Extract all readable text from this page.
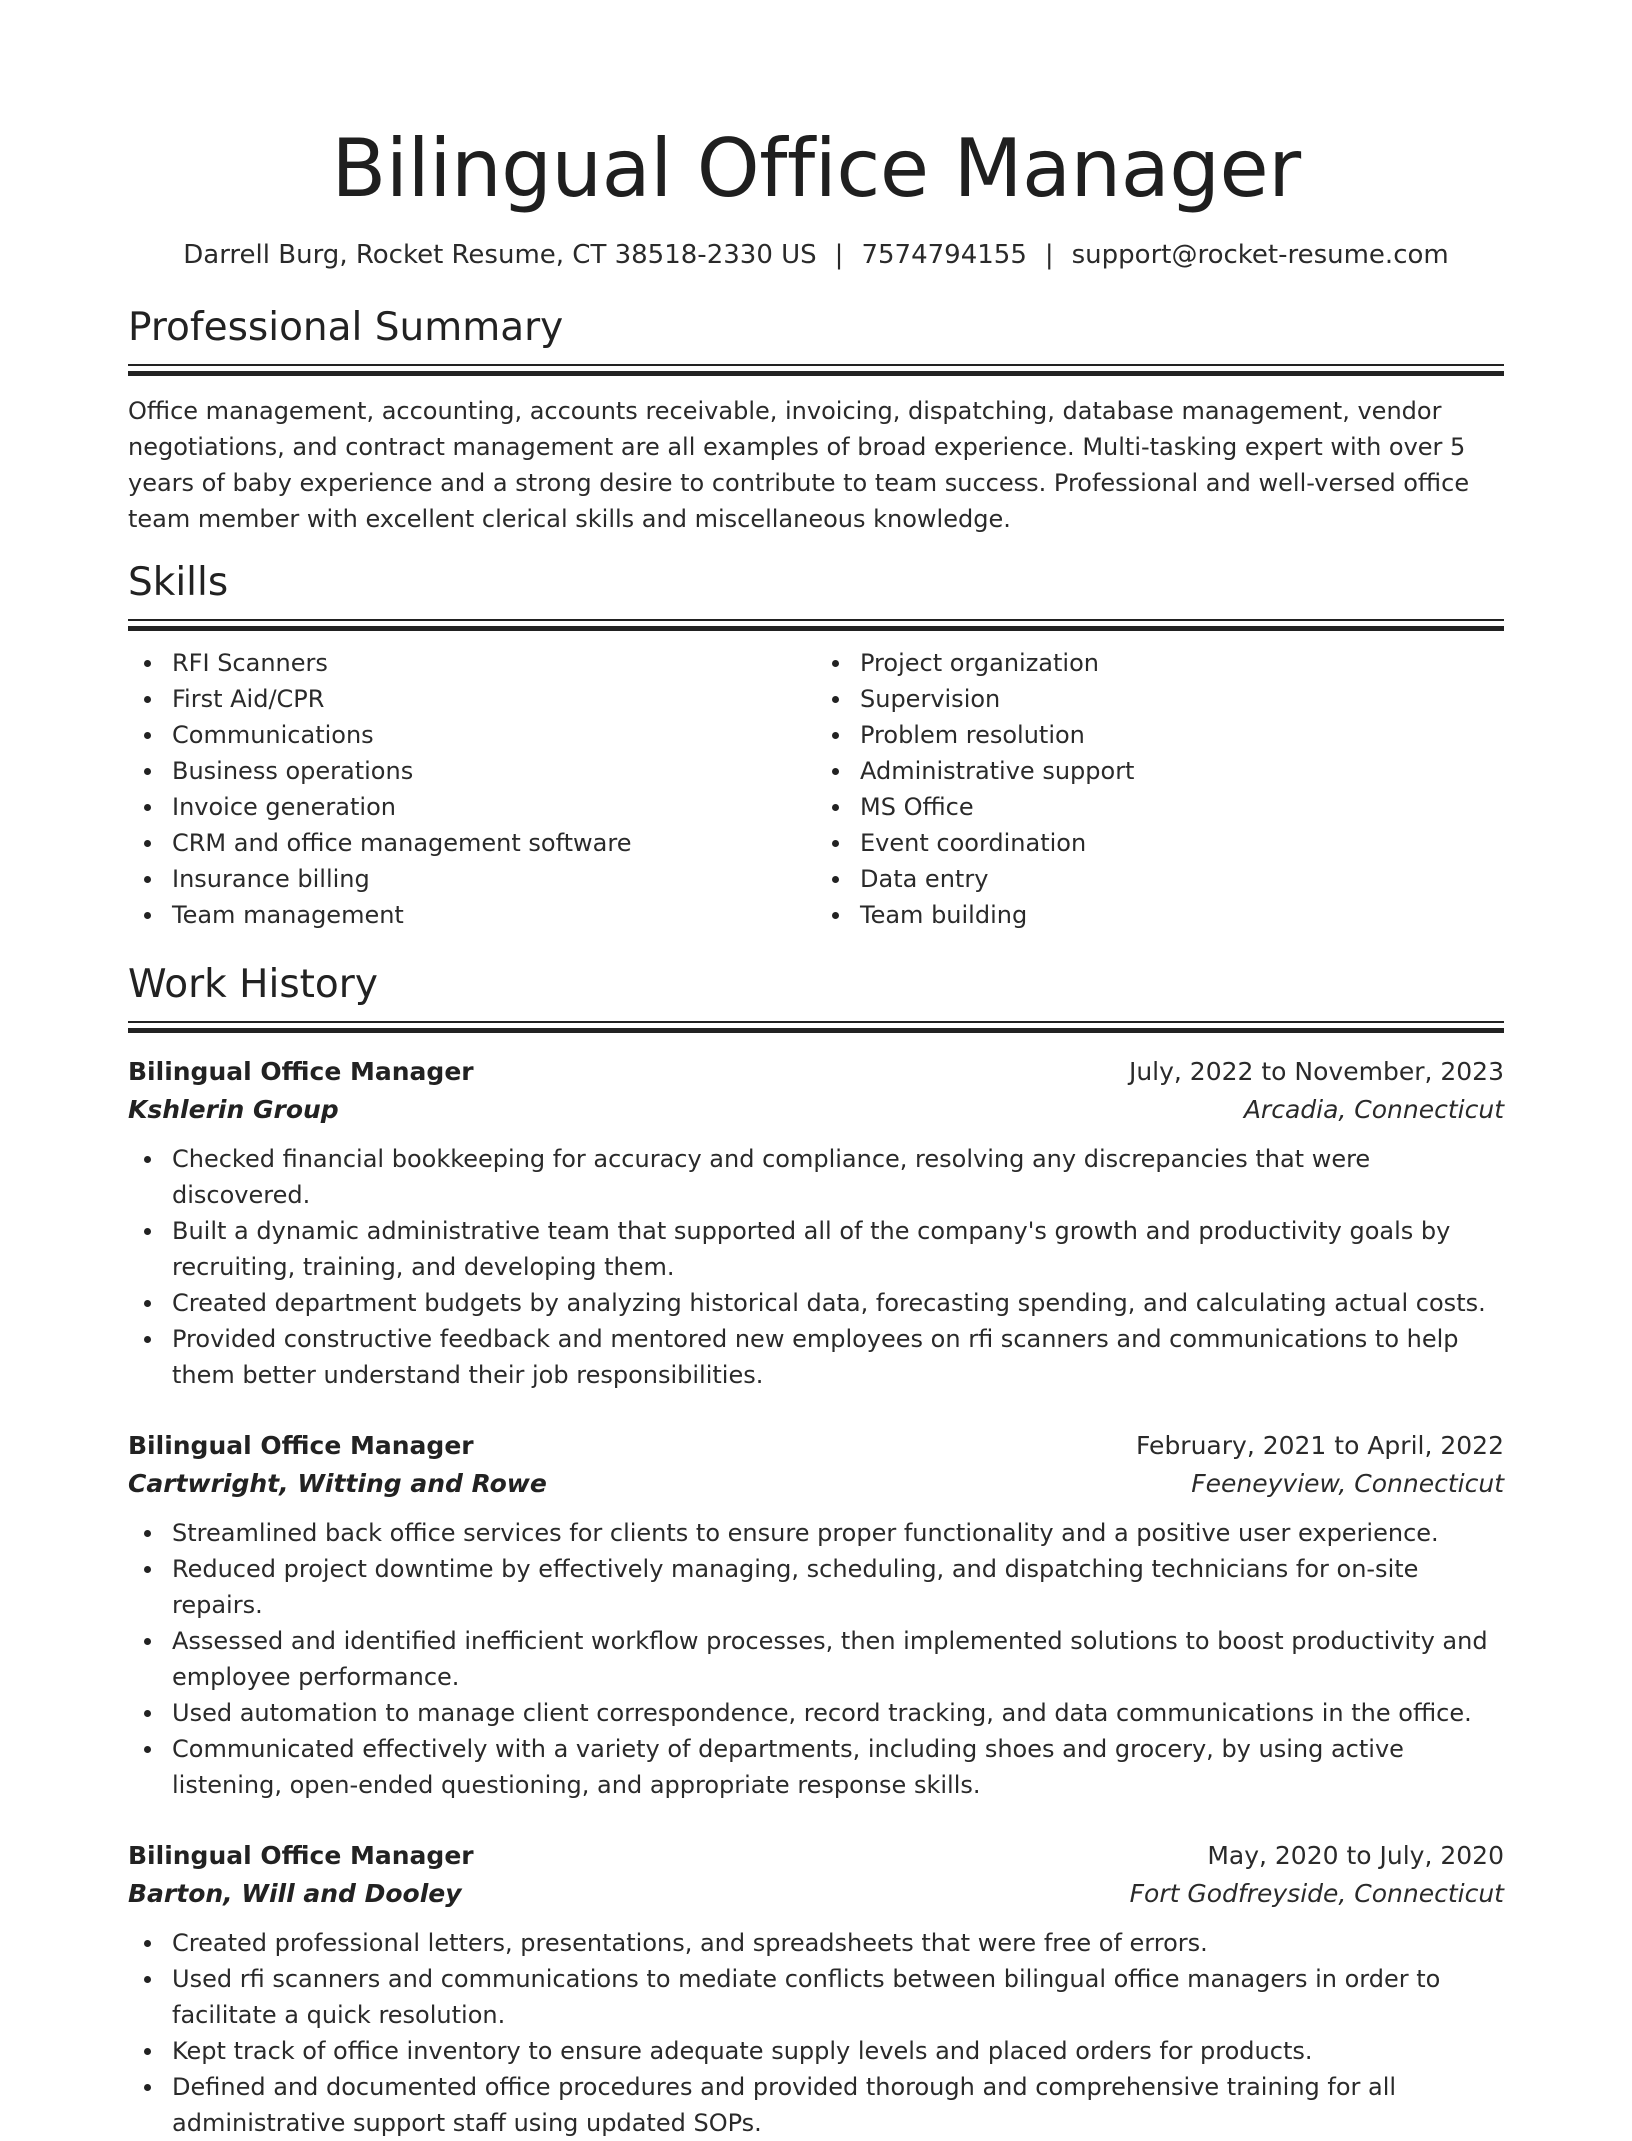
Bilingual Office Manager
Darrell Burg, Rocket Resume, CT 38518-2330 US | 7574794155 | support@rocket-resume.com
Professional Summary

Office management, accounting, accounts receivable, invoicing, dispatching, database management, vendor negotiations, and contract management are all examples of broad experience. Multi-tasking expert with over 5 years of baby experience and a strong desire to contribute to team success. Professional and well-versed office team member with excellent clerical skills and miscellaneous knowledge.

Skills
RFI Scanners
First Aid/CPR
Communications
Business operations
Invoice generation
CRM and office management software
Insurance billing
Team management
Project organization
Supervision
Problem resolution
Administrative support
MS Office
Event coordination
Data entry
Team building
Work History
Bilingual Office Manager	July, 2022 to November, 2023
Kshlerin Group	Arcadia, Connecticut
Checked financial bookkeeping for accuracy and compliance, resolving any discrepancies that were discovered.
Built a dynamic administrative team that supported all of the company's growth and productivity goals by recruiting, training, and developing them.
Created department budgets by analyzing historical data, forecasting spending, and calculating actual costs.
Provided constructive feedback and mentored new employees on rfi scanners and communications to help them better understand their job responsibilities.
Bilingual Office Manager	February, 2021 to April, 2022
Cartwright, Witting and Rowe	Feeneyview, Connecticut
Streamlined back office services for clients to ensure proper functionality and a positive user experience.
Reduced project downtime by effectively managing, scheduling, and dispatching technicians for on-site repairs.
Assessed and identified inefficient workflow processes, then implemented solutions to boost productivity and employee performance.
Used automation to manage client correspondence, record tracking, and data communications in the office.
Communicated effectively with a variety of departments, including shoes and grocery, by using active listening, open-ended questioning, and appropriate response skills.
Bilingual Office Manager	May, 2020 to July, 2020
Barton, Will and Dooley	Fort Godfreyside, Connecticut
Created professional letters, presentations, and spreadsheets that were free of errors.
Used rfi scanners and communications to mediate conflicts between bilingual office managers in order to facilitate a quick resolution.
Kept track of office inventory to ensure adequate supply levels and placed orders for products.
Defined and documented office procedures and provided thorough and comprehensive training for all administrative support staff using updated SOPs.
